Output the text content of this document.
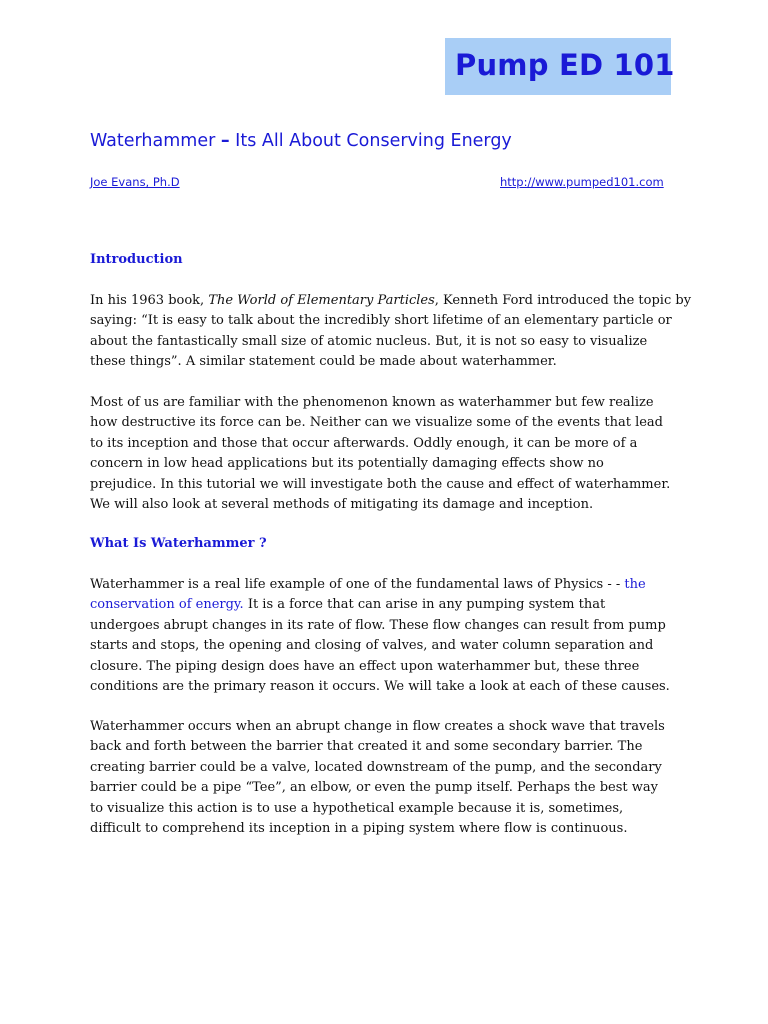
Pump ED 101
Waterhammer – Its All About Conserving Energy
Joe Evans, Ph.D	http://www.pumped101.com
Introduction
In his 1963 book, The World of Elementary Particles, Kenneth Ford introduced the topic by
saying: “It is easy to talk about the incredibly short lifetime of an elementary particle or
about the fantastically small size of atomic nucleus. But, it is not so easy to visualize
these things”. A similar statement could be made about waterhammer.
Most of us are familiar with the phenomenon known as waterhammer but few realize
how destructive its force can be. Neither can we visualize some of the events that lead
to its inception and those that occur afterwards. Oddly enough, it can be more of a
concern in low head applications but its potentially damaging effects show no
prejudice. In this tutorial we will investigate both the cause and effect of waterhammer.
We will also look at several methods of mitigating its damage and inception.
What Is Waterhammer ?
Waterhammer is a real life example of one of the fundamental laws of Physics - - the
conservation of energy. It is a force that can arise in any pumping system that
undergoes abrupt changes in its rate of flow. These flow changes can result from pump
starts and stops, the opening and closing of valves, and water column separation and
closure. The piping design does have an effect upon waterhammer but, these three
conditions are the primary reason it occurs. We will take a look at each of these causes.
Waterhammer occurs when an abrupt change in flow creates a shock wave that travels
back and forth between the barrier that created it and some secondary barrier. The
creating barrier could be a valve, located downstream of the pump, and the secondary
barrier could be a pipe “Tee”, an elbow, or even the pump itself. Perhaps the best way
to visualize this action is to use a hypothetical example because it is, sometimes,
difficult to comprehend its inception in a piping system where flow is continuous.
